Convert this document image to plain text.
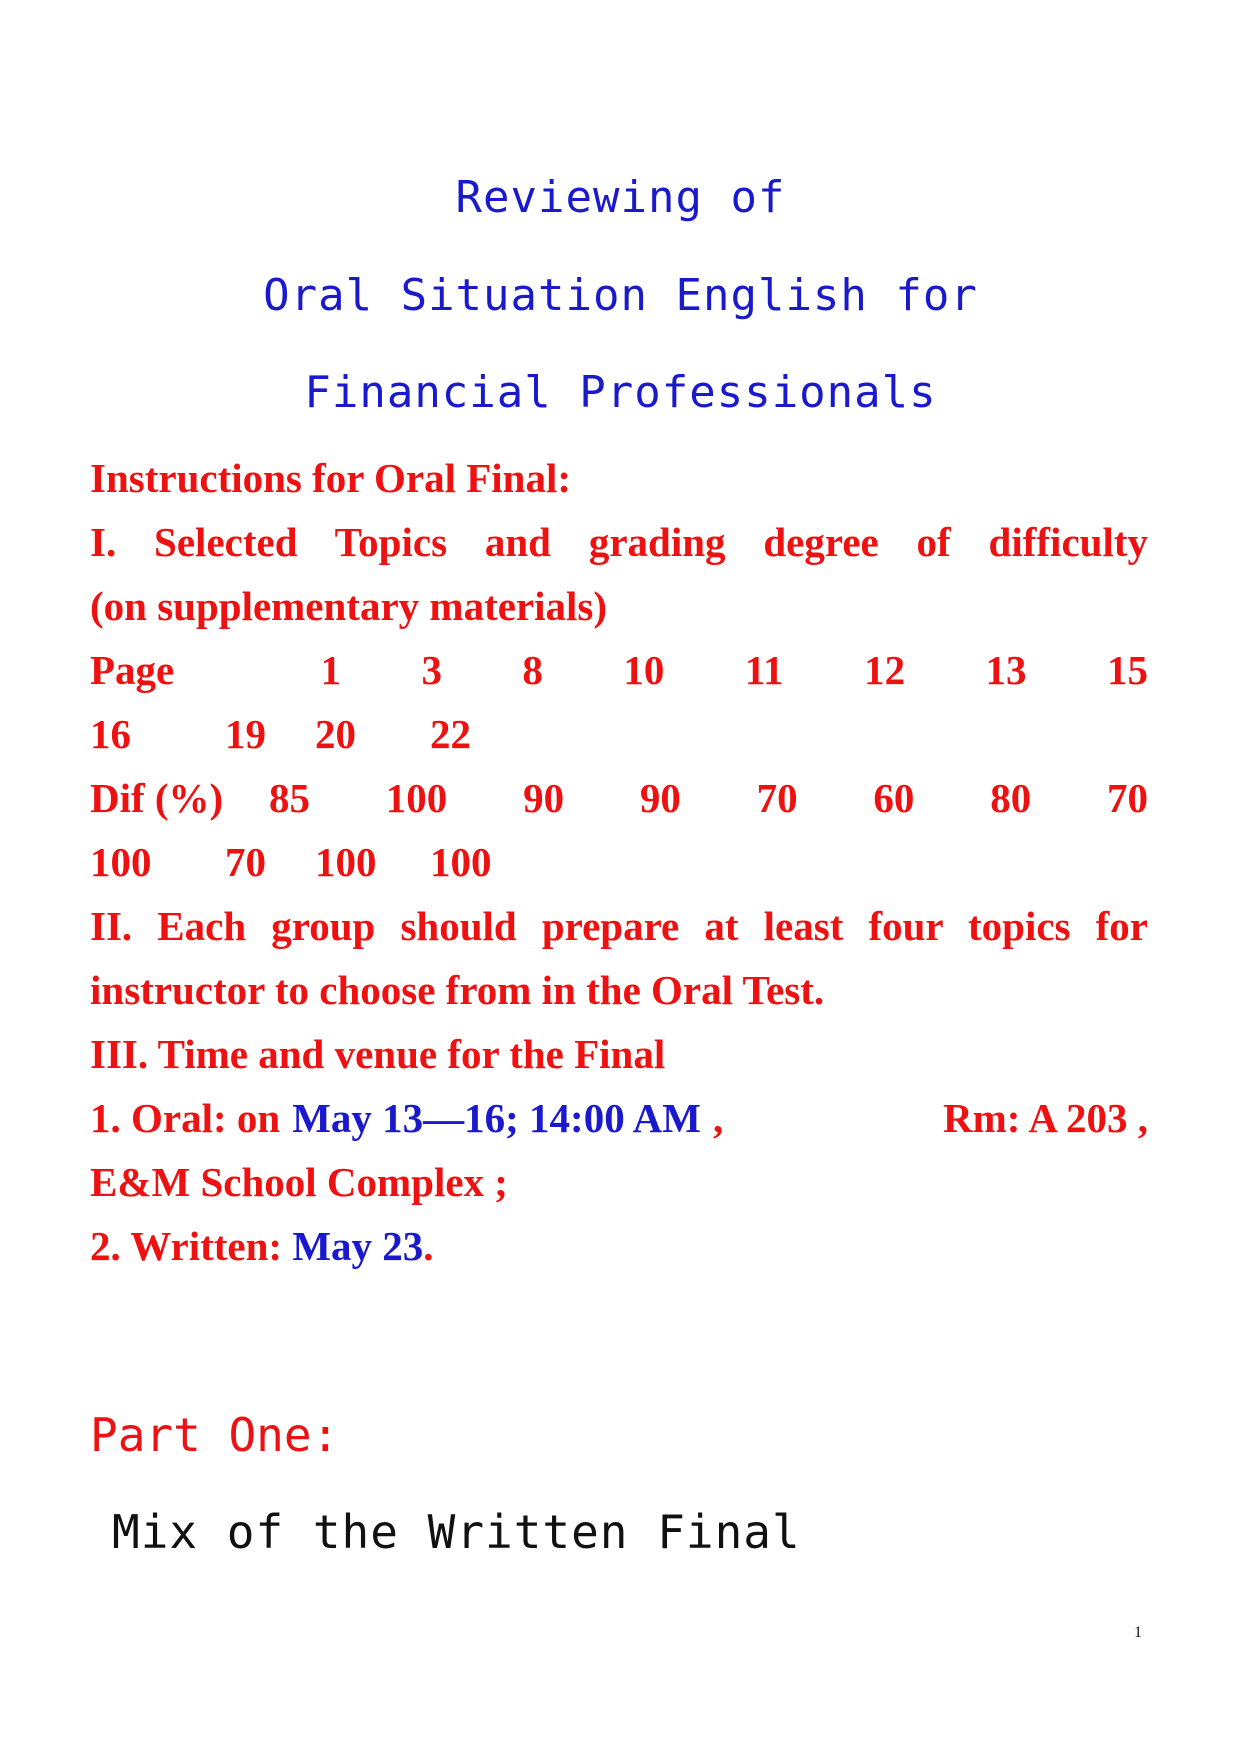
Reviewing of
Oral Situation English for
Financial Professionals
Instructions for Oral Final:
I. Selected Topics and grading degree of difficulty
(on supplementary materials)
Page	1 3 8 10 11 12 13 15
16 19 20 22
Dif (%) 85 100 90 90 70 60 80 70
100 70 100 100
II. Each group should prepare at least four topics for
instructor to choose from in the Oral Test.
III. Time and venue for the Final
1. Oral: on May 13—16; 14:00 AM ,	Rm: A 203 ,
E&M School Complex ;
2. Written: May 23.
Part One:
Mix of the Written Final
1
